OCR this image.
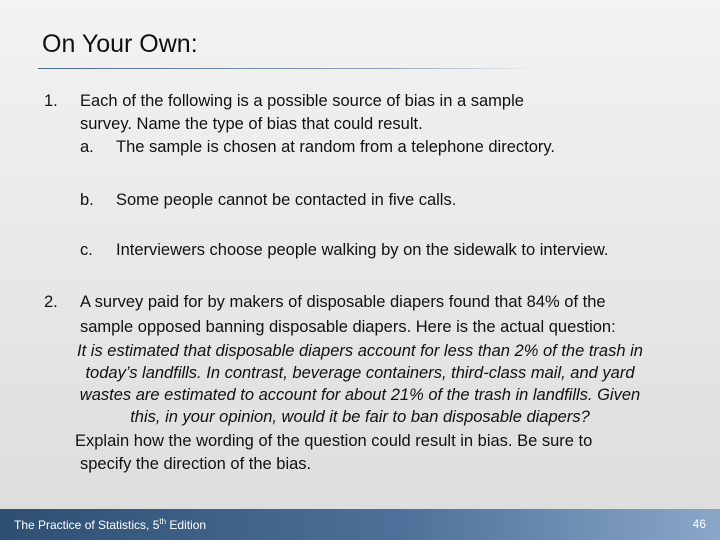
On Your Own:
1. Each of the following is a possible source of bias in a sample
survey. Name the type of bias that could result.
a. The sample is chosen at random from a telephone directory.
b. Some people cannot be contacted in five calls.
c. Interviewers choose people walking by on the sidewalk to interview.
2. A survey paid for by makers of disposable diapers found that 84% of the
sample opposed banning disposable diapers. Here is the actual question:
It is estimated that disposable diapers account for less than 2% of the trash in
today’s landfills. In contrast, beverage containers, third-class mail, and yard
wastes are estimated to account for about 21% of the trash in landfills. Given
this, in your opinion, would it be fair to ban disposable diapers?
Explain how the wording of the question could result in bias. Be sure to
specify the direction of the bias.
The Practice of Statistics, 5th Edition	46
